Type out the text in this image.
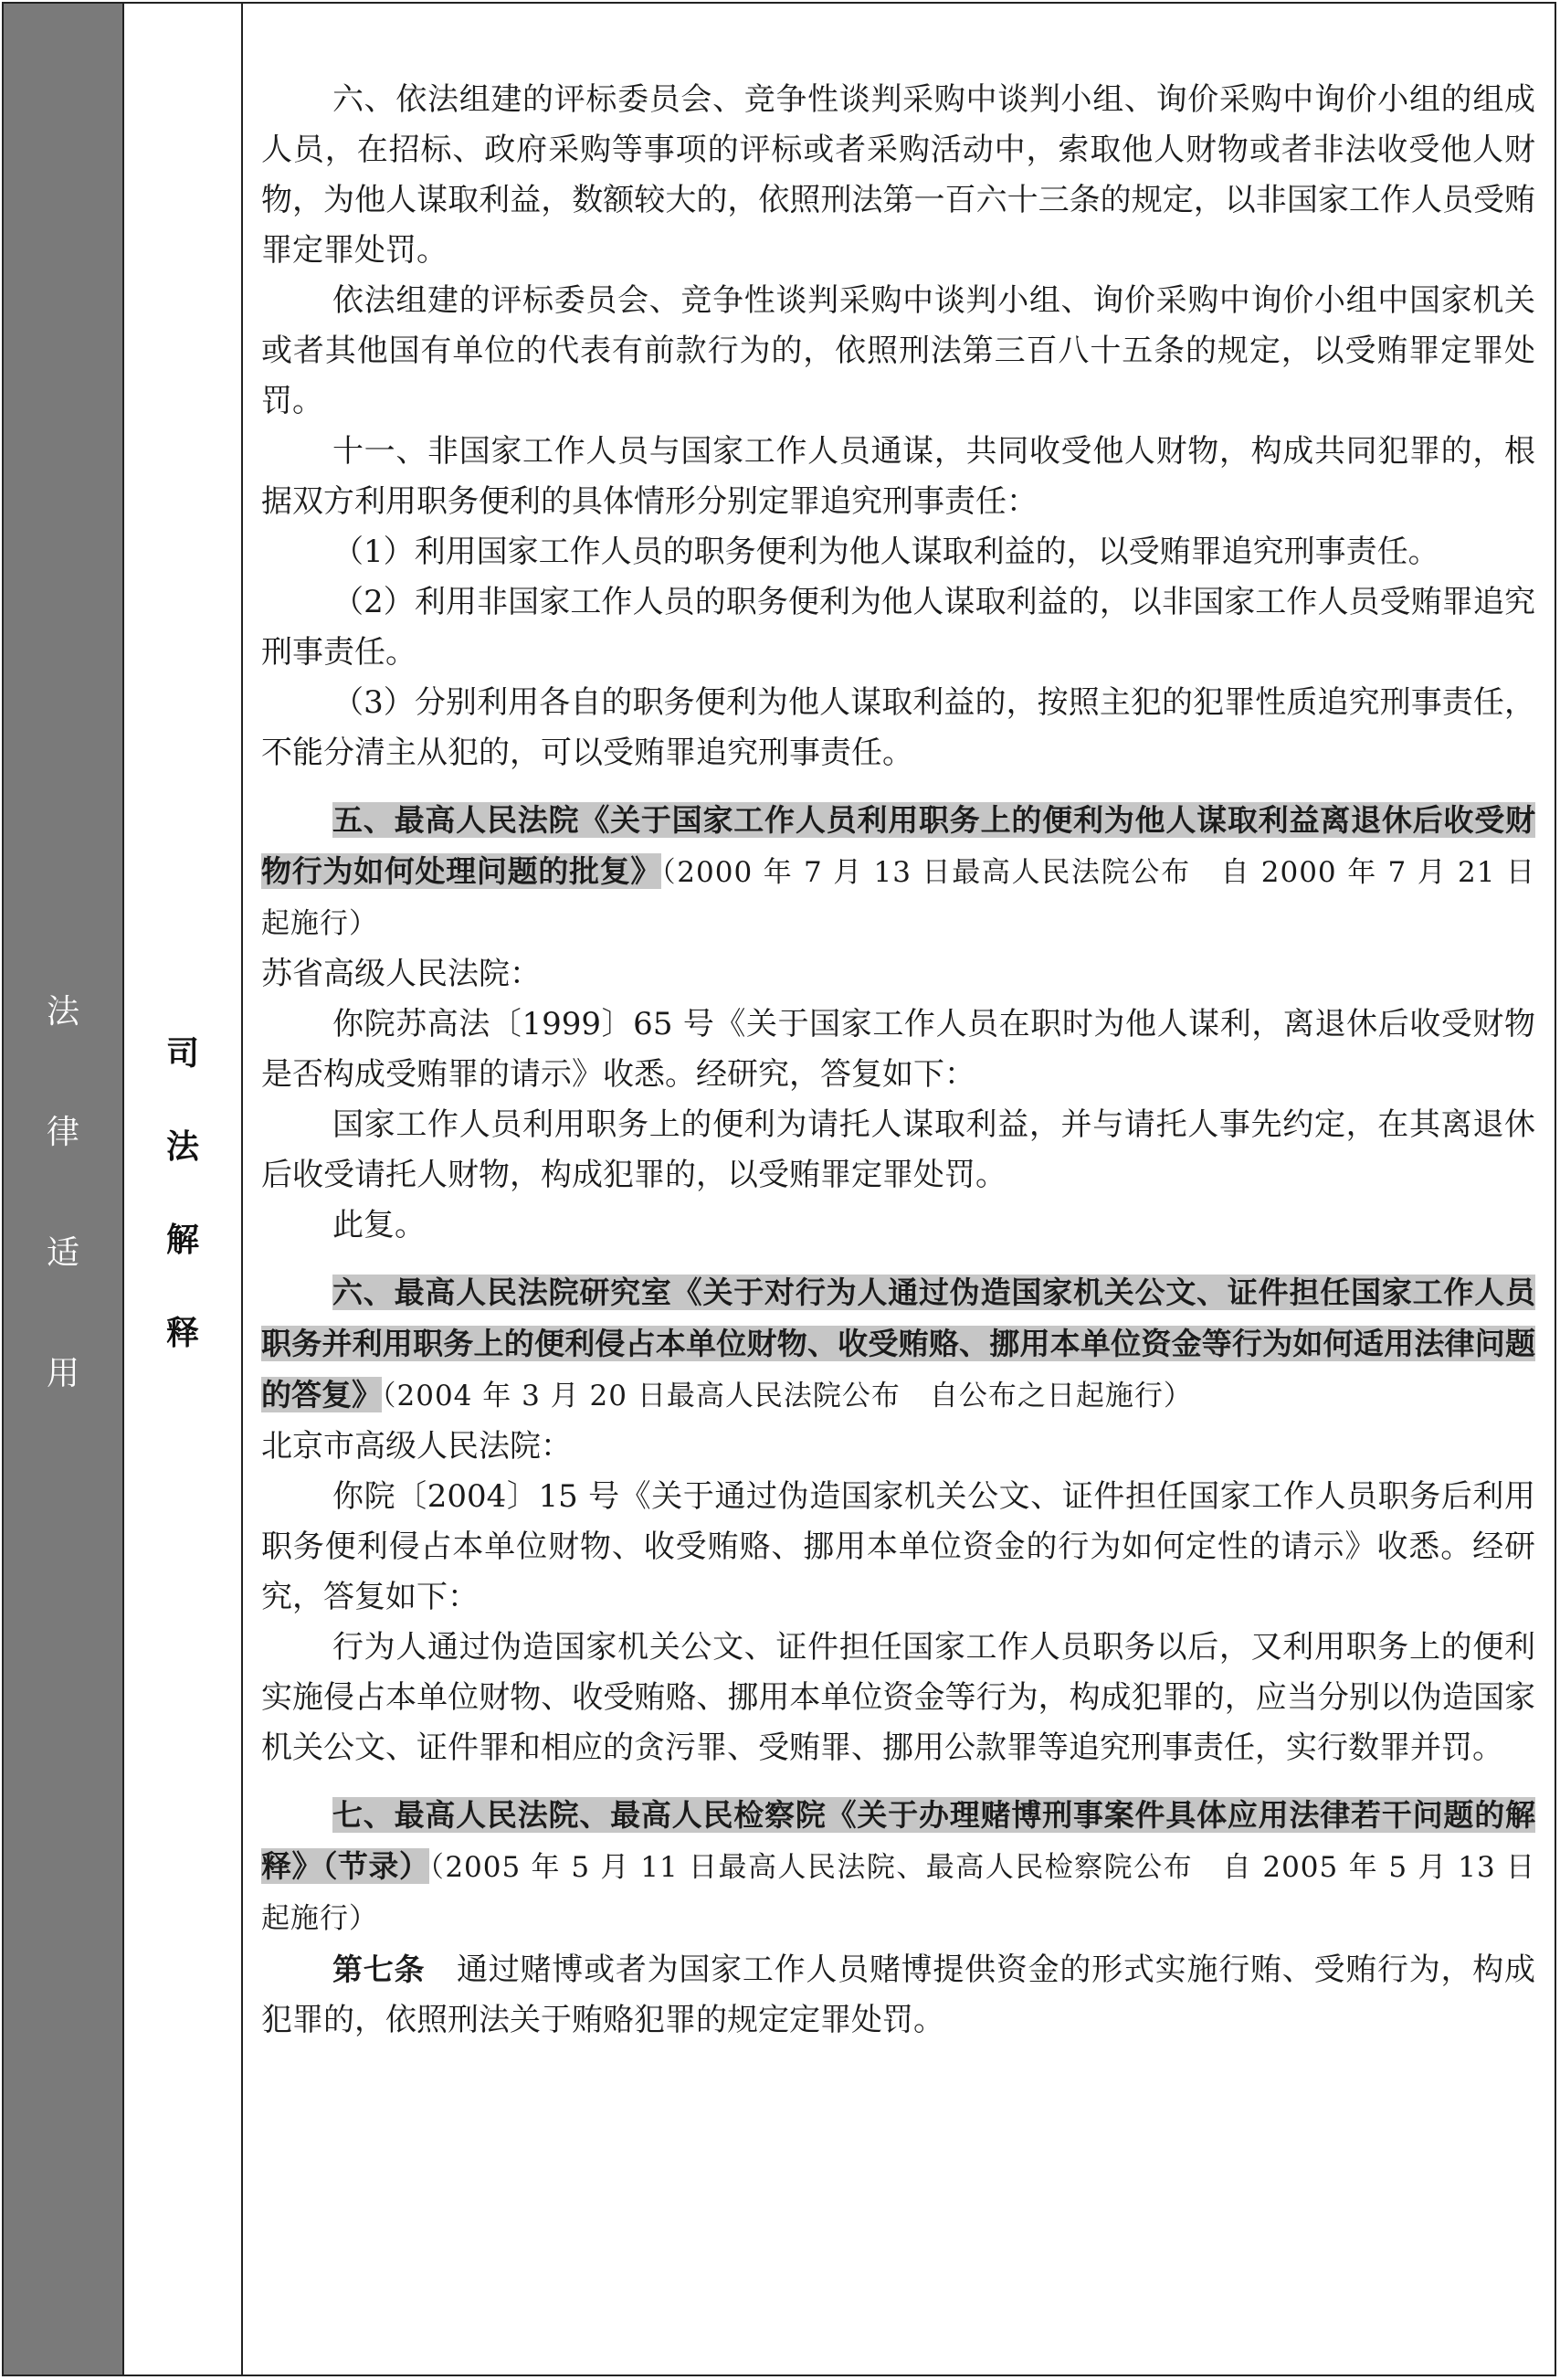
法
律
适
用
司
法
解
释

六、依法组建的评标委员会、竞争性谈判采购中谈判小组、询价采购中询价小组的组成人员，在招标、政府采购等事项的评标或者采购活动中，索取他人财物或者非法收受他人财物，为他人谋取利益，数额较大的，依照刑法第一百六十三条的规定，以非国家工作人员受贿罪定罪处罚。

依法组建的评标委员会、竞争性谈判采购中谈判小组、询价采购中询价小组中国家机关或者其他国有单位的代表有前款行为的，依照刑法第三百八十五条的规定，以受贿罪定罪处罚。

十一、非国家工作人员与国家工作人员通谋，共同收受他人财物，构成共同犯罪的，根据双方利用职务便利的具体情形分别定罪追究刑事责任：

（1）利用国家工作人员的职务便利为他人谋取利益的，以受贿罪追究刑事责任。

（2）利用非国家工作人员的职务便利为他人谋取利益的，以非国家工作人员受贿罪追究刑事责任。

（3）分别利用各自的职务便利为他人谋取利益的，按照主犯的犯罪性质追究刑事责任，不能分清主从犯的，可以受贿罪追究刑事责任。

五、最高人民法院《关于国家工作人员利用职务上的便利为他人谋取利益离退休后收受财物行为如何处理问题的批复》（2000 年 7 月 13 日最高人民法院公布　自 2000 年 7 月 21 日起施行）

苏省高级人民法院：

你院苏高法〔1999〕65 号《关于国家工作人员在职时为他人谋利，离退休后收受财物是否构成受贿罪的请示》收悉。经研究，答复如下：

国家工作人员利用职务上的便利为请托人谋取利益，并与请托人事先约定，在其离退休后收受请托人财物，构成犯罪的，以受贿罪定罪处罚。

此复。

六、最高人民法院研究室《关于对行为人通过伪造国家机关公文、证件担任国家工作人员职务并利用职务上的便利侵占本单位财物、收受贿赂、挪用本单位资金等行为如何适用法律问题的答复》（2004 年 3 月 20 日最高人民法院公布　自公布之日起施行）

北京市高级人民法院：

你院〔2004〕15 号《关于通过伪造国家机关公文、证件担任国家工作人员职务后利用职务便利侵占本单位财物、收受贿赂、挪用本单位资金的行为如何定性的请示》收悉。经研究，答复如下：

行为人通过伪造国家机关公文、证件担任国家工作人员职务以后，又利用职务上的便利实施侵占本单位财物、收受贿赂、挪用本单位资金等行为，构成犯罪的，应当分别以伪造国家机关公文、证件罪和相应的贪污罪、受贿罪、挪用公款罪等追究刑事责任，实行数罪并罚。

七、最高人民法院、最高人民检察院《关于办理赌博刑事案件具体应用法律若干问题的解释》（节录）（2005 年 5 月 11 日最高人民法院、最高人民检察院公布　自 2005 年 5 月 13 日起施行）

第七条　通过赌博或者为国家工作人员赌博提供资金的形式实施行贿、受贿行为，构成犯罪的，依照刑法关于贿赂犯罪的规定定罪处罚。
